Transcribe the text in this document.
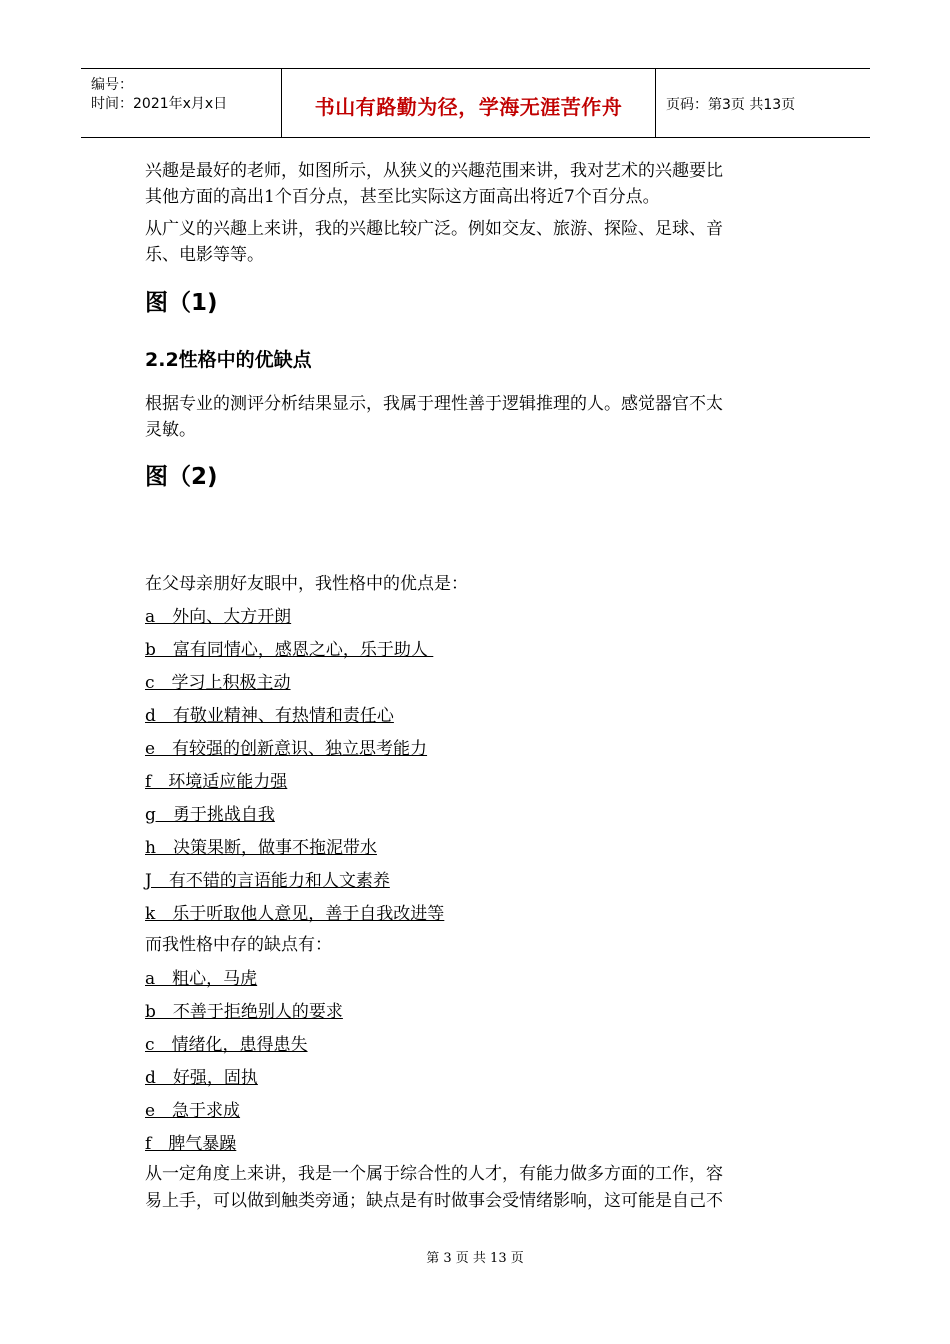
编号：
时间：2021年x月x日	书山有路勤为径，学海无涯苦作舟	页码：第3页 共13页
兴趣是最好的老师，如图所示，从狭义的兴趣范围来讲，我对艺术的兴趣要比
其他方面的高出1个百分点，甚至比实际这方面高出将近7个百分点。
从广义的兴趣上来讲，我的兴趣比较广泛。例如交友、旅游、探险、足球、音
乐、电影等等。
图（1)
2.2性格中的优缺点
根据专业的测评分析结果显示，我属于理性善于逻辑推理的人。感觉器官不太
灵敏。
图（2)
在父母亲朋好友眼中，我性格中的优点是：
a　外向、大方开朗
b　富有同情心，感恩之心，乐于助人
c　学习上积极主动
d　有敬业精神、有热情和责任心
e　有较强的创新意识、独立思考能力
f　环境适应能力强
g　勇于挑战自我
h　决策果断，做事不拖泥带水
J　有不错的言语能力和人文素养
k　乐于听取他人意见，善于自我改进等
而我性格中存的缺点有：
a　粗心，马虎
b　不善于拒绝别人的要求
c　情绪化，患得患失
d　好强，固执
e　急于求成
f　脾气暴躁
从一定角度上来讲，我是一个属于综合性的人才，有能力做多方面的工作，容
易上手，可以做到触类旁通；缺点是有时做事会受情绪影响，这可能是自己不
第 3 页 共 13 页
